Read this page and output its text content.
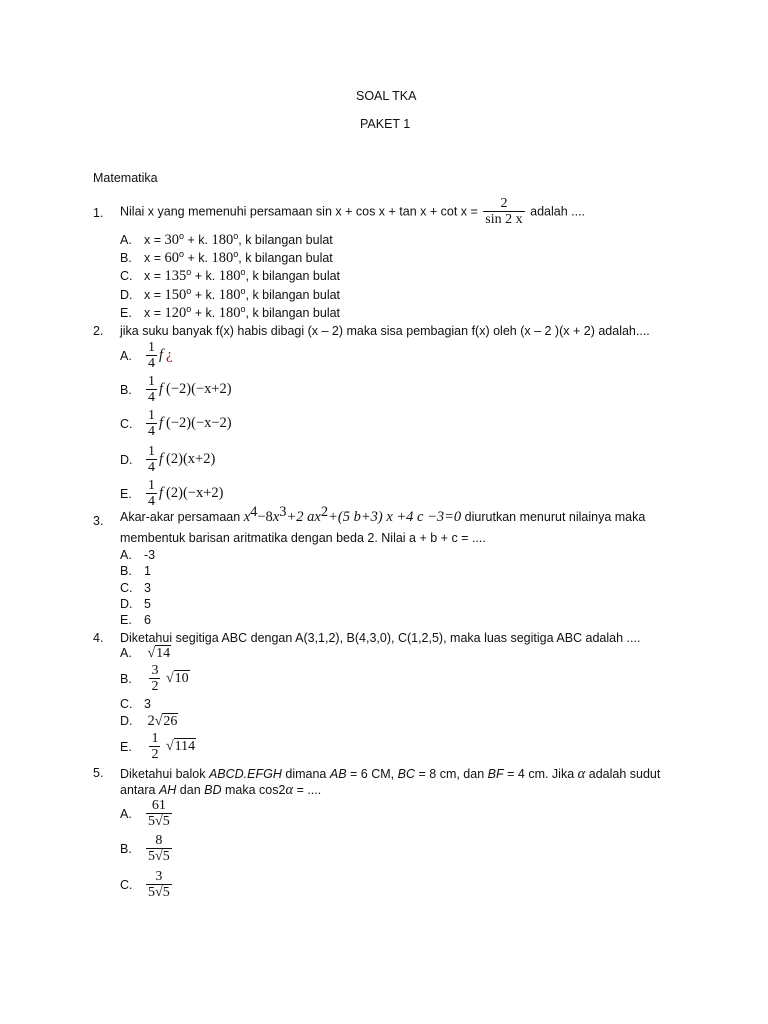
SOAL TKA
PAKET 1
Matematika
1. Nilai x yang memenuhi persamaan $\sin x + \cos x + \tan x + \cot x = \frac{2}{\sin 2 x}$ adalah ....
A. $x = 30^o + k$. 180$^o$, k bilangan bulat
B. $x = 60^o + k$. 180$^o$, k bilangan bulat
C. $x = 135^o + k$. 180$^o$, k bilangan bulat
D. $x = 150^o + k$. 180$^o$, k bilangan bulat
E. $x = 120^o + k$. 180$^o$, k bilangan bulat
2. jika suku banyak f(x) habis dibagi (x – 2) maka sisa pembagian f(x) oleh (x – 2 )(x + 2) adalah....
A. $\frac{1}{4}$ f ¿
B. $\frac{1}{4}$ f (−2)(−x+2)
C. $\frac{1}{4}$ f (−2)(−x−2)
D. $\frac{1}{4}$ f (2)(x+2)
E. $\frac{1}{4}$ f (2)(−x+2)
3. Akar-akar persamaan $x^4-8x^3+2$ $ax^2+(5$ b+3) x +4 c −3=0 diurutkan menurut nilainya maka
membentuk barisan aritmatika dengan beda 2. Nilai a + b + c = ....
A. -3
B. 1
C. 3
D. 5
E. 6
4. Diketahui segitiga ABC dengan A(3,1,2), B(4,3,0), C(1,2,5), maka luas segitiga ABC adalah ....
A. √14
B. $\frac{3}{2} √10$
C. 3
D. 2√26
E. $\frac{1}{2} √114$
5. Diketahui balok ABCD.EFGH dimana AB = 6 CM, BC = 8 cm, dan BF = 4 cm. Jika α adalah sudut
antara AH dan BD maka cos2α = ....
A. $\frac{61}{5√5}$
B. $\frac{8}{5√5}$
C. $\frac{3}{5√5}$
